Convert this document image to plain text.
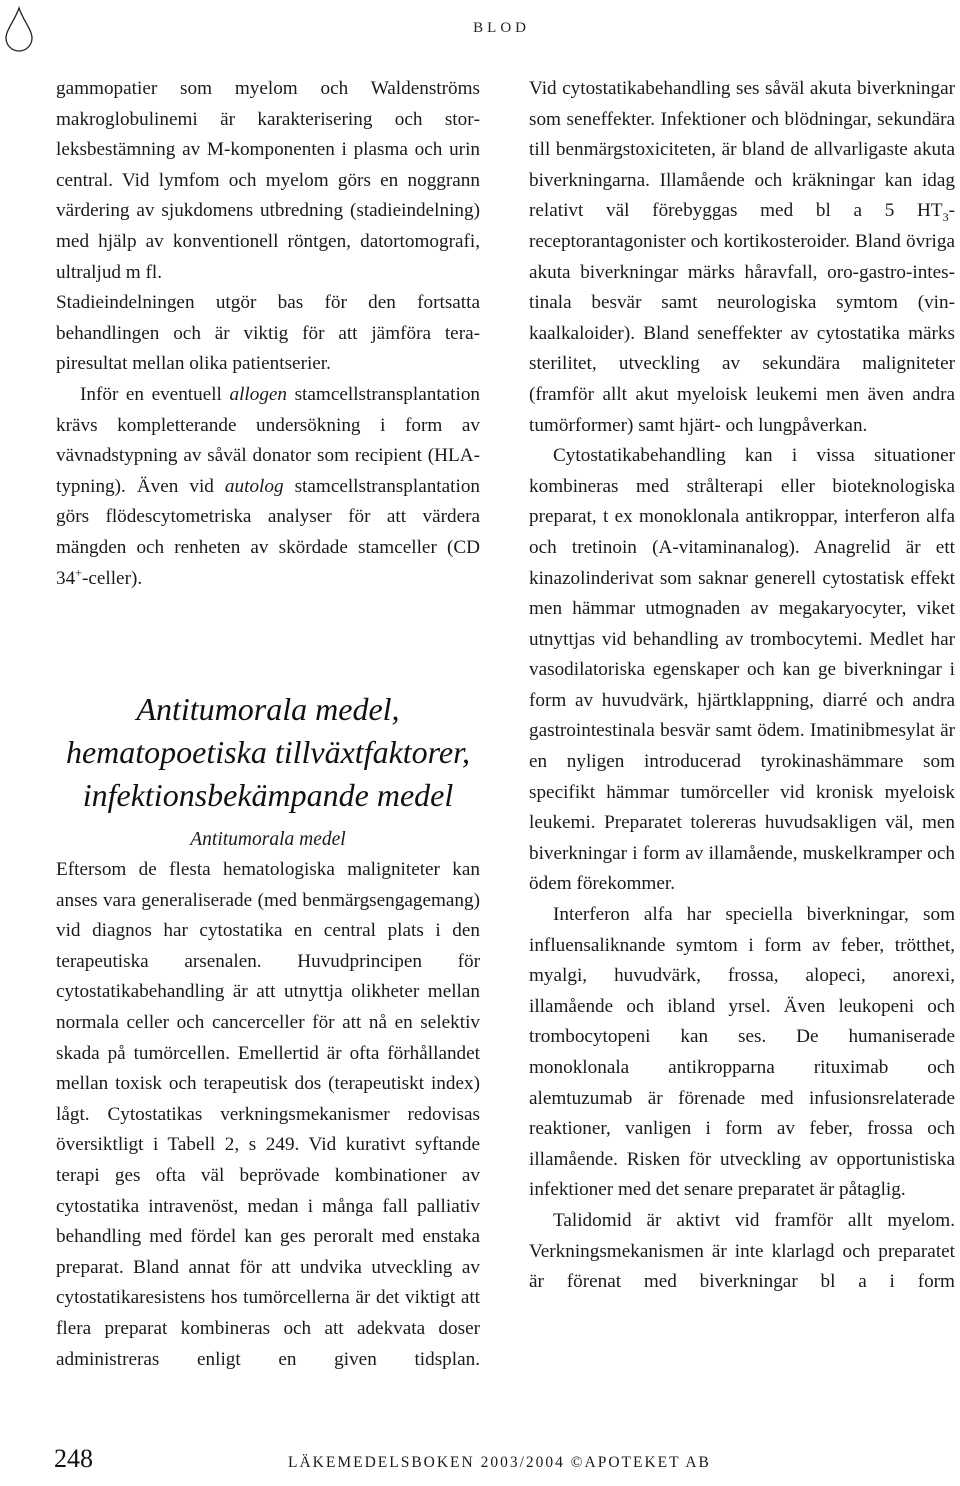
BLOD

gammopatier som myelom och Waldenströms makroglobulinemi är karakterisering och storleksbestämning av M-komponenten i plasma och urin central. Vid lymfom och myelom görs en noggrann värdering av sjukdomens utbredning (stadieindelning) med hjälp av konventionell röntgen, datortomografi, ultraljud m fl.
Stadieindelningen utgör bas för den fortsatta behandlingen och är viktig för att jämföra terapiresultat mellan olika patientserier.

Inför en eventuell allogen stamcellstransplantation krävs kompletterande undersökning i form av vävnadstypning av såväl donator som recipient (HLA-typning). Även vid autolog stamcellstransplantation görs flödescytometriska analyser för att värdera mängden och renheten av skördade stamceller (CD 34+-celler).

Antitumorala medel,
hematopoetiska tillväxtfaktorer,
infektionsbekämpande medel
Antitumorala medel

Eftersom de flesta hematologiska maligniteter kan anses vara generaliserade (med benmärgsengagemang) vid diagnos har cytostatika en central plats i den terapeutiska arsenalen. Huvudprincipen för cytostatikabehandling är att utnyttja olikheter mellan normala celler och cancerceller för att nå en selektiv skada på tumörcellen. Emellertid är ofta förhållandet mellan toxisk och terapeutisk dos (terapeutiskt index) lågt. Cytostatikas verkningsmekanismer redovisas översiktligt i Tabell 2, s 249. Vid kurativt syftande terapi ges ofta väl beprövade kombinationer av cytostatika intravenöst, medan i många fall palliativ behandling med fördel kan ges peroralt med enstaka preparat. Bland annat för att undvika utveckling av cytostatikaresistens hos tumörcellerna är det viktigt att flera preparat kombineras och att adekvata doser administreras enligt en given tidsplan.

Vid cytostatikabehandling ses såväl akuta biverkningar som seneffekter. Infektioner och blödningar, sekundära till benmärgstoxiciteten, är bland de allvarligaste akuta biverkningarna. Illamående och kräkningar kan idag relativt väl förebyggas med bl a 5 $HT_3$-receptorantagonister och kortikosteroider. Bland övriga akuta biverkningar märks håravfall, oro-gastro-intestinala besvär samt neurologiska symtom (vinkaalkaloider). Bland seneffekter av cytostatika märks sterilitet, utveckling av sekundära maligniteter (framför allt akut myeloisk leukemi men även andra tumörformer) samt hjärt- och lungpåverkan.

Cytostatikabehandling kan i vissa situationer kombineras med strålterapi eller bioteknologiska preparat, t ex monoklonala antikroppar, interferon alfa och tretinoin (A-vitaminanalog). Anagrelid är ett kinazolinderivat som saknar generell cytostatisk effekt men hämmar utmognaden av megakaryocyter, viket utnyttjas vid behandling av trombocytemi. Medlet har vasodilatoriska egenskaper och kan ge biverkningar i form av huvudvärk, hjärtklappning, diarré och andra gastrointestinala besvär samt ödem. Imatinibmesylat är en nyligen introducerad tyrokinashämmare som specifikt hämmar tumörceller vid kronisk myeloisk leukemi. Preparatet tolereras huvudsakligen väl, men biverkningar i form av illamående, muskelkramper och ödem förekommer.

Interferon alfa har speciella biverkningar, som influensaliknande symtom i form av feber, trötthet, myalgi, huvudvärk, frossa, alopeci, anorexi, illamående och ibland yrsel. Även leukopeni och trombocytopeni kan ses. De humaniserade monoklonala antikropparna rituximab och alemtuzumab är förenade med infusionsrelaterade reaktioner, vanligen i form av feber, frossa och illamående. Risken för utveckling av opportunistiska infektioner med det senare preparatet är påtaglig.

Talidomid är aktivt vid framför allt myelom. Verkningsmekanismen är inte klarlagd och preparatet är förenat med biverkningar bl a i form

248	LÄKEMEDELSBOKEN 2003/2004 ©APOTEKET AB
